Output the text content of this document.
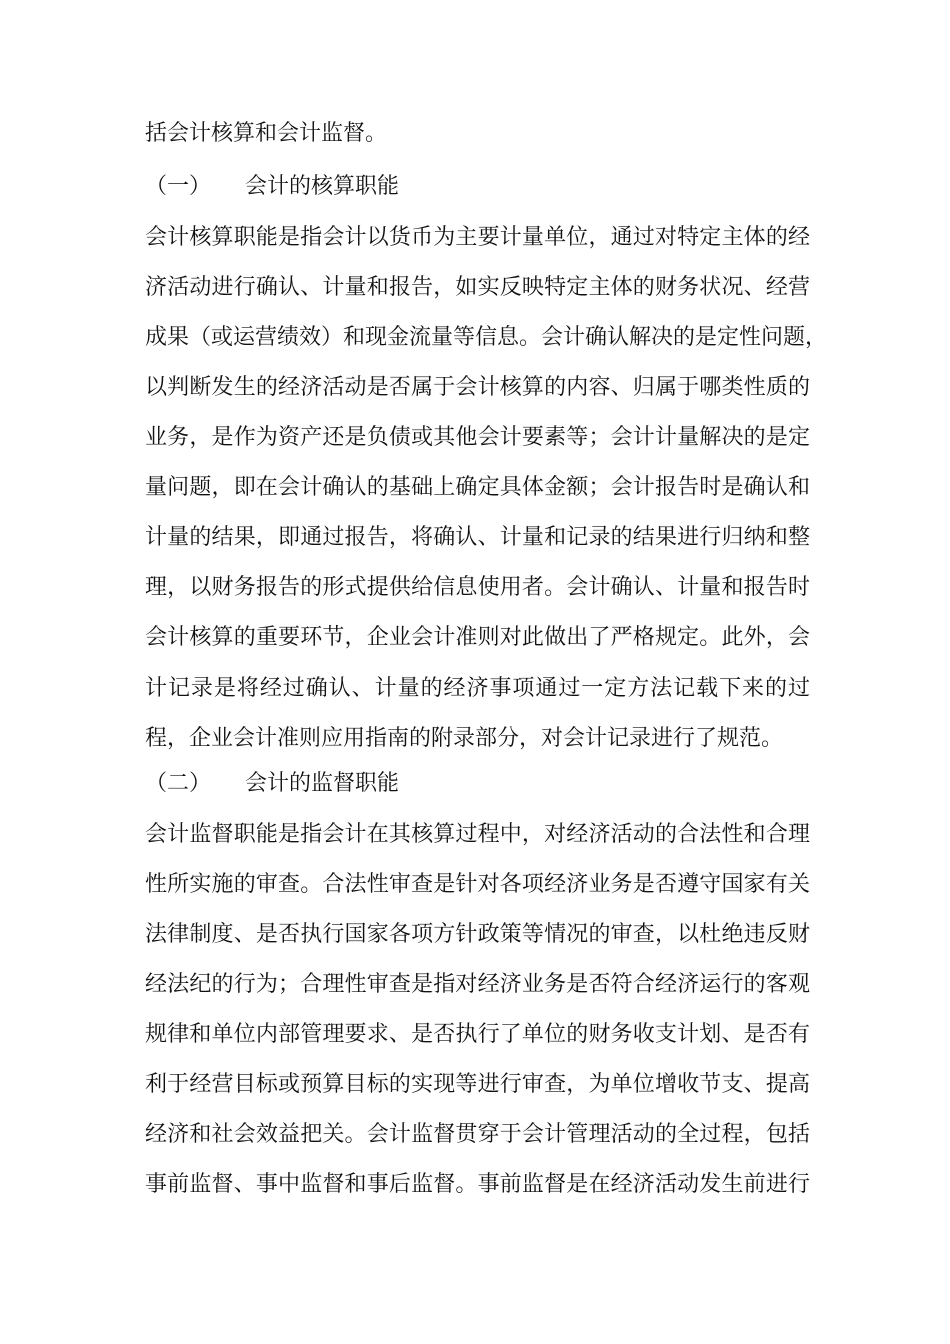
括会计核算和会计监督。
（一） 会计的核算职能
会计核算职能是指会计以货币为主要计量单位，通过对特定主体的经
济活动进行确认、计量和报告，如实反映特定主体的财务状况、经营
成果（或运营绩效）和现金流量等信息。会计确认解决的是定性问题，
以判断发生的经济活动是否属于会计核算的内容、归属于哪类性质的
业务，是作为资产还是负债或其他会计要素等；会计计量解决的是定
量问题，即在会计确认的基础上确定具体金额；会计报告时是确认和
计量的结果，即通过报告，将确认、计量和记录的结果进行归纳和整
理，以财务报告的形式提供给信息使用者。会计确认、计量和报告时
会计核算的重要环节，企业会计准则对此做出了严格规定。此外，会
计记录是将经过确认、计量的经济事项通过一定方法记载下来的过
程，企业会计准则应用指南的附录部分，对会计记录进行了规范。
（二） 会计的监督职能
会计监督职能是指会计在其核算过程中，对经济活动的合法性和合理
性所实施的审查。合法性审查是针对各项经济业务是否遵守国家有关
法律制度、是否执行国家各项方针政策等情况的审查，以杜绝违反财
经法纪的行为；合理性审查是指对经济业务是否符合经济运行的客观
规律和单位内部管理要求、是否执行了单位的财务收支计划、是否有
利于经营目标或预算目标的实现等进行审查，为单位增收节支、提高
经济和社会效益把关。会计监督贯穿于会计管理活动的全过程，包括
事前监督、事中监督和事后监督。事前监督是在经济活动发生前进行
